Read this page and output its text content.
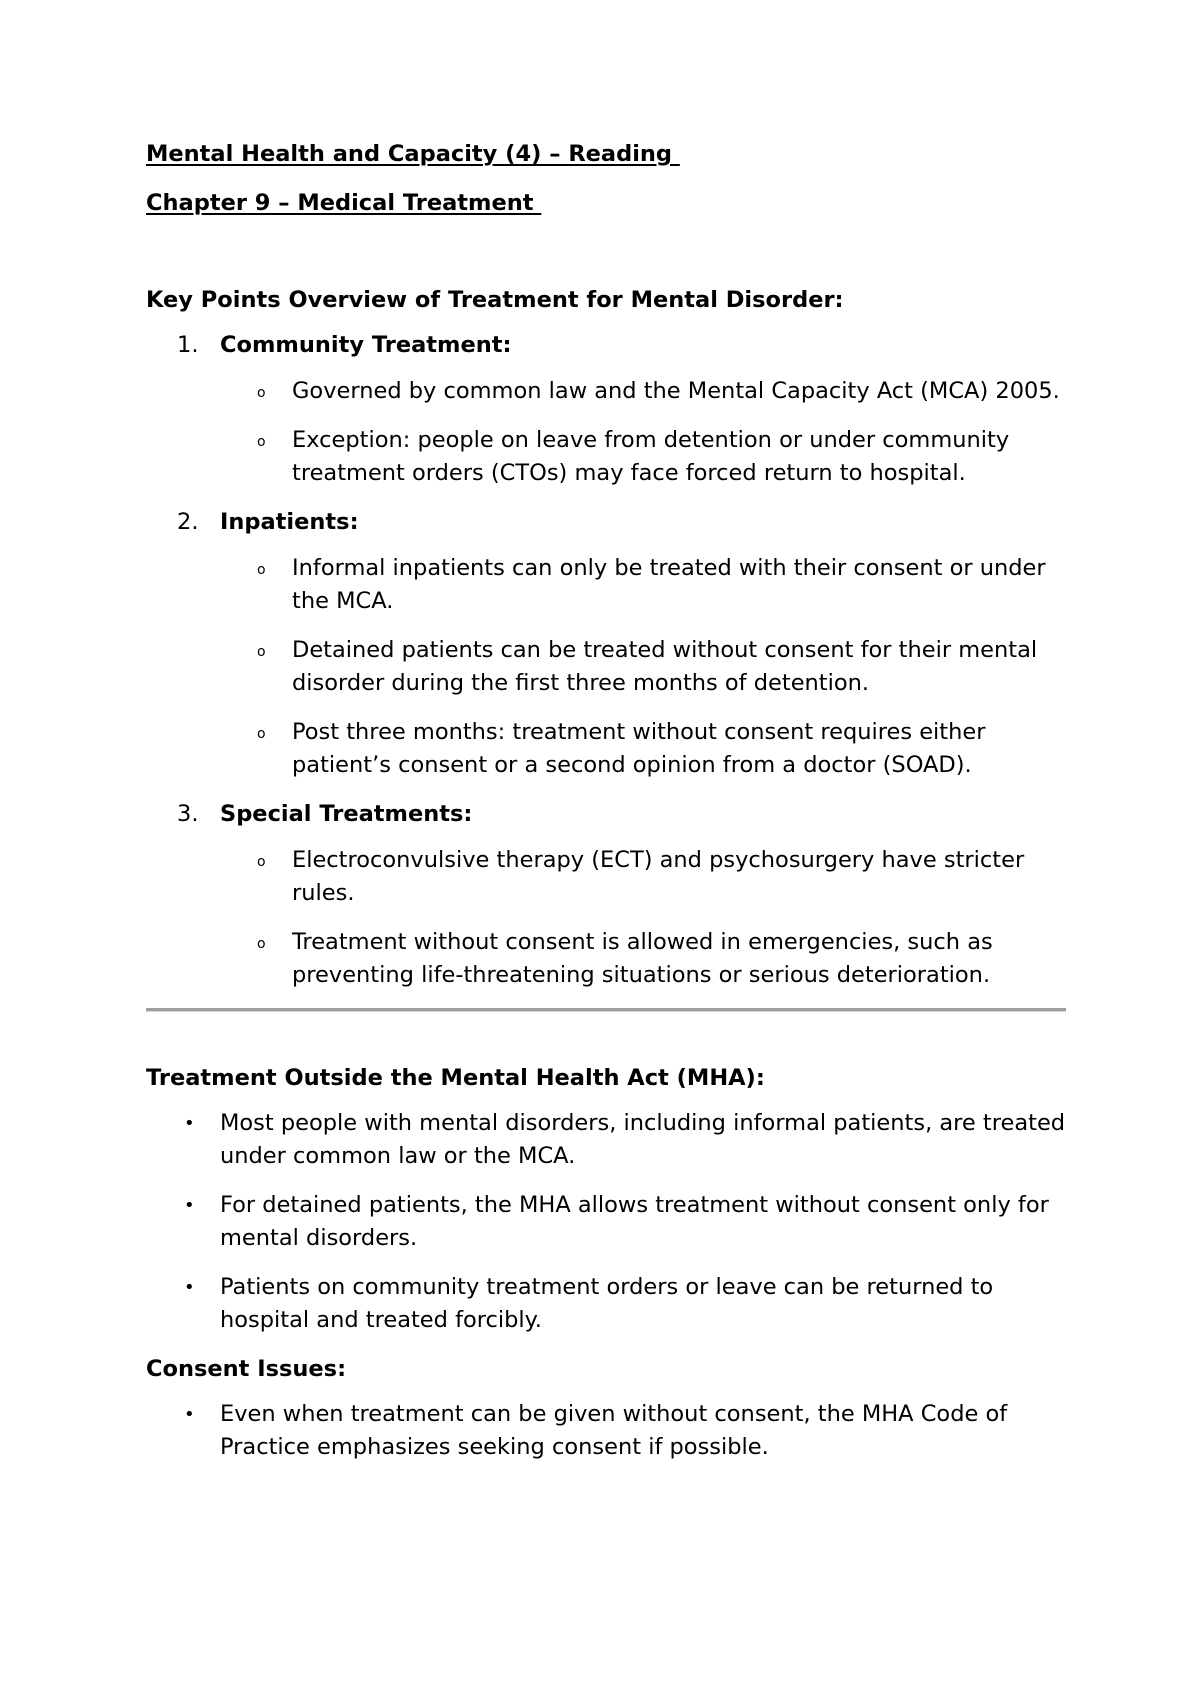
Mental Health and Capacity (4) – Reading

Chapter 9 – Medical Treatment

Key Points Overview of Treatment for Mental Disorder:

1. Community Treatment:
o Governed by common law and the Mental Capacity Act (MCA) 2005.
o Exception: people on leave from detention or under community treatment orders (CTOs) may face forced return to hospital.
2. Inpatients:
o Informal inpatients can only be treated with their consent or under the MCA.
o Detained patients can be treated without consent for their mental disorder during the first three months of detention.
o Post three months: treatment without consent requires either patient’s consent or a second opinion from a doctor (SOAD).
3. Special Treatments:
o Electroconvulsive therapy (ECT) and psychosurgery have stricter rules.
o Treatment without consent is allowed in emergencies, such as preventing life-threatening situations or serious deterioration.

Treatment Outside the Mental Health Act (MHA):

• Most people with mental disorders, including informal patients, are treated under common law or the MCA.
• For detained patients, the MHA allows treatment without consent only for mental disorders.
• Patients on community treatment orders or leave can be returned to hospital and treated forcibly.

Consent Issues:

• Even when treatment can be given without consent, the MHA Code of Practice emphasizes seeking consent if possible.
